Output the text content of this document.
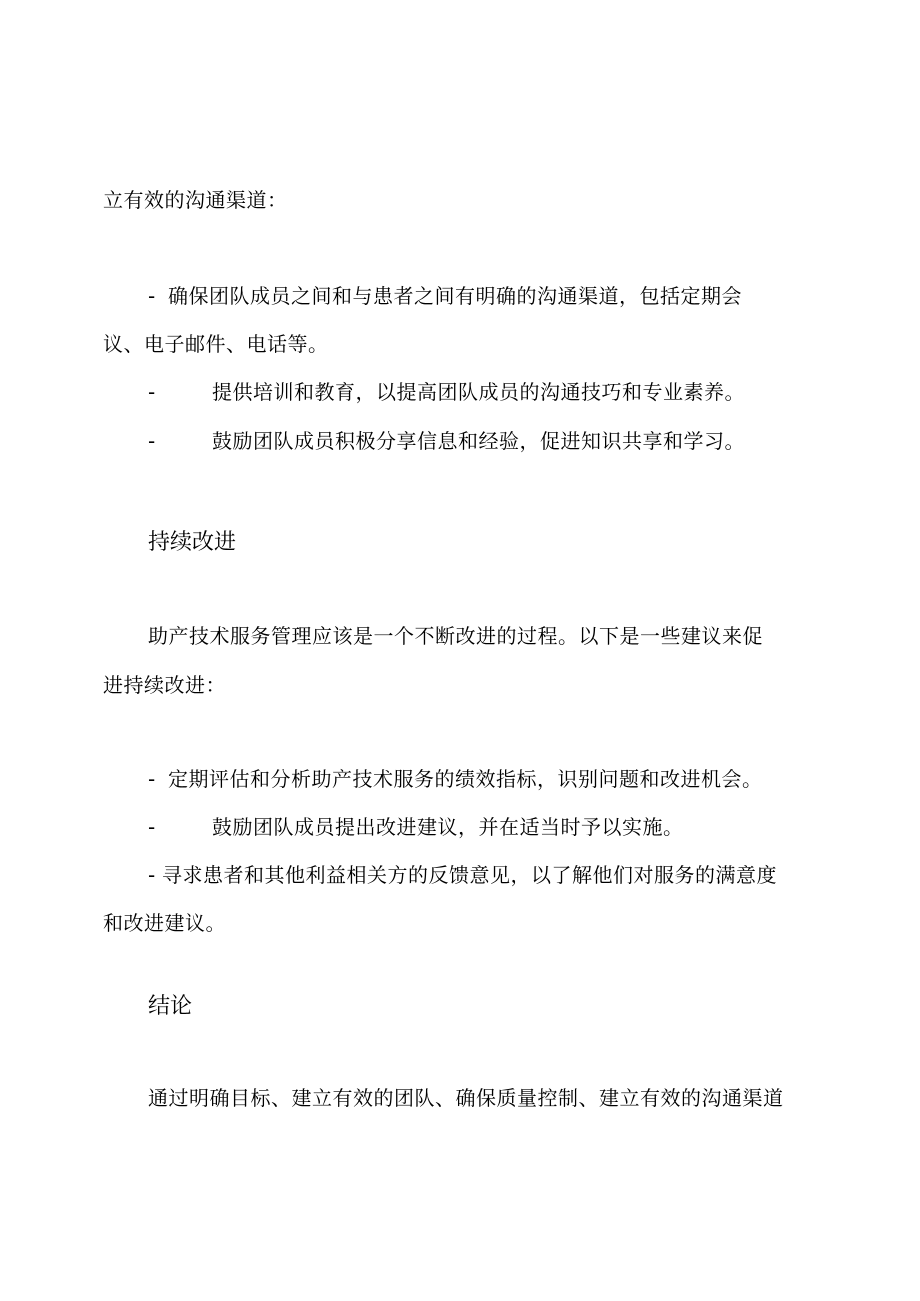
立有效的沟通渠道：
- 确保团队成员之间和与患者之间有明确的沟通渠道，包括定期会
议、电子邮件、电话等。
-	提供培训和教育，以提高团队成员的沟通技巧和专业素养。
-	鼓励团队成员积极分享信息和经验，促进知识共享和学习。
持续改进
助产技术服务管理应该是一个不断改进的过程。以下是一些建议来促
进持续改进：
- 定期评估和分析助产技术服务的绩效指标，识别问题和改进机会。
-	鼓励团队成员提出改进建议，并在适当时予以实施。
- 寻求患者和其他利益相关方的反馈意见，以了解他们对服务的满意度
和改进建议。
结论
通过明确目标、建立有效的团队、确保质量控制、建立有效的沟通渠道
